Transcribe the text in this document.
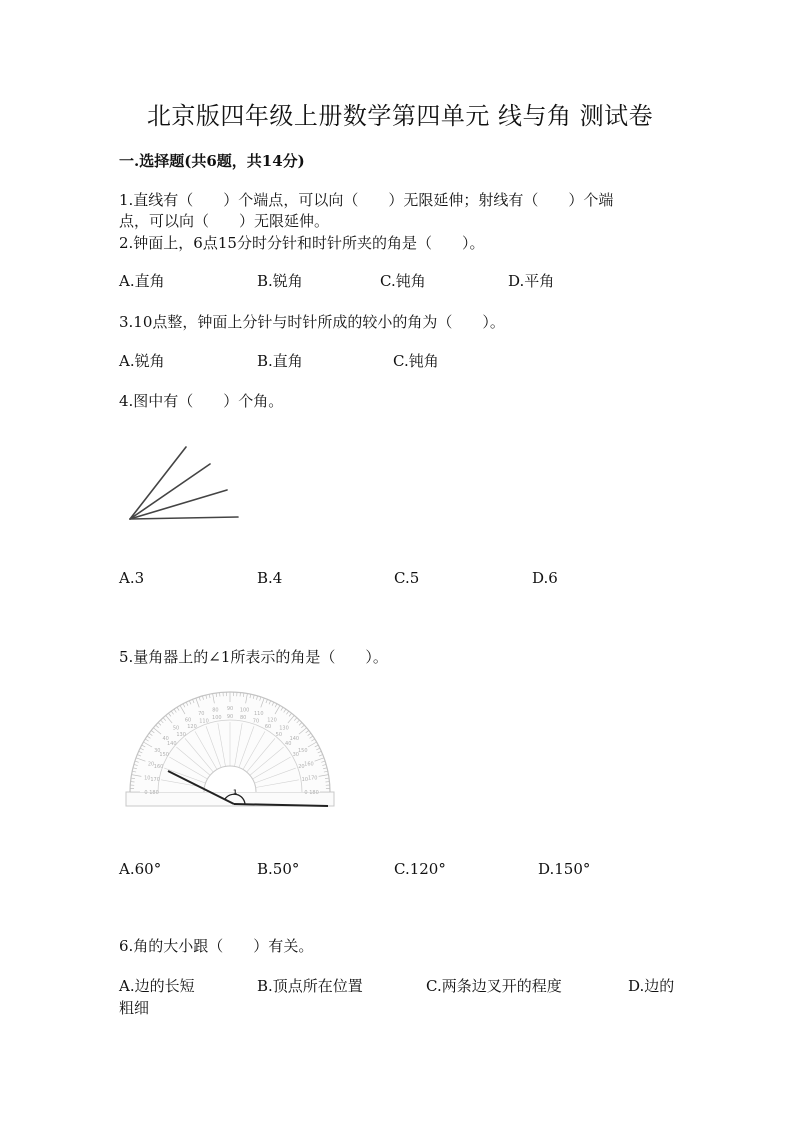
北京版四年级上册数学第四单元 线与角 测试卷
一.选择题(共6题，共14分)
1.直线有（　　）个端点，可以向（　　）无限延伸；射线有（　　）个端
点，可以向（　　）无限延伸。
2.钟面上，6点15分时分针和时针所夹的角是（　　）。
A.直角	B.锐角	C.钝角	D.平角
3.10点整，钟面上分针与时针所成的较小的角为（　　）。
A.锐角	B.直角	C.钝角
4.图中有（　　）个角。
A.3	B.4	C.5	D.6
5.量角器上的∠1所表示的角是（　　）。
180
0
170
10
160
20
150
30
140
40
130
50
120
60
110
70
100
80
90
90
80
100
70
110
60
120
50
130
40
140
30
150
20 160
10 170
0 180	1
A.60°	B.50°	C.120°	D.150°
6.角的大小跟（　　）有关。
A.边的长短	B.顶点所在位置	C.两条边叉开的程度	D.边的
粗细
